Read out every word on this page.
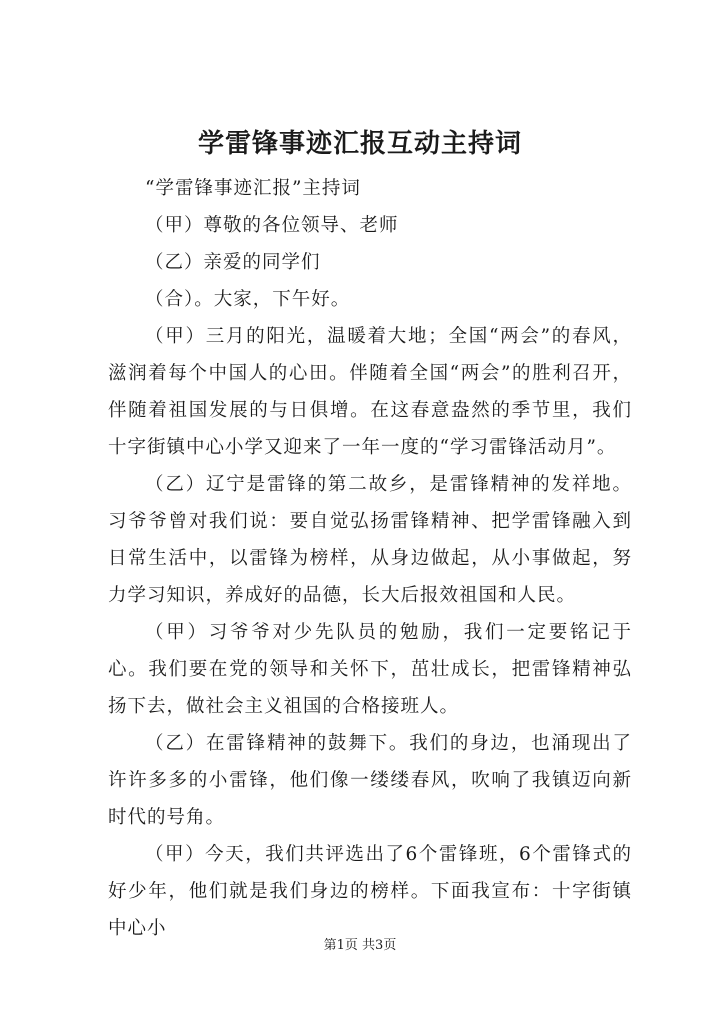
学雷锋事迹汇报互动主持词

“学雷锋事迹汇报”主持词

（甲）尊敬的各位领导、老师

（乙）亲爱的同学们

（合）。大家，下午好。

（甲）三月的阳光，温暖着大地；全国“两会”的春风，滋润着每个中国人的心田。伴随着全国“两会”的胜利召开，伴随着祖国发展的与日俱增。在这春意盎然的季节里，我们十字街镇中心小学又迎来了一年一度的“学习雷锋活动月”。

（乙）辽宁是雷锋的第二故乡，是雷锋精神的发祥地。习爷爷曾对我们说：要自觉弘扬雷锋精神、把学雷锋融入到日常生活中，以雷锋为榜样，从身边做起，从小事做起，努力学习知识，养成好的品德，长大后报效祖国和人民。

（甲）习爷爷对少先队员的勉励，我们一定要铭记于心。我们要在党的领导和关怀下，茁壮成长，把雷锋精神弘扬下去，做社会主义祖国的合格接班人。

（乙）在雷锋精神的鼓舞下。我们的身边，也涌现出了许许多多的小雷锋，他们像一缕缕春风，吹响了我镇迈向新时代的号角。

（甲）今天，我们共评选出了6个雷锋班，6个雷锋式的好少年，他们就是我们身边的榜样。下面我宣布：十字街镇中心小

第1页 共3页
